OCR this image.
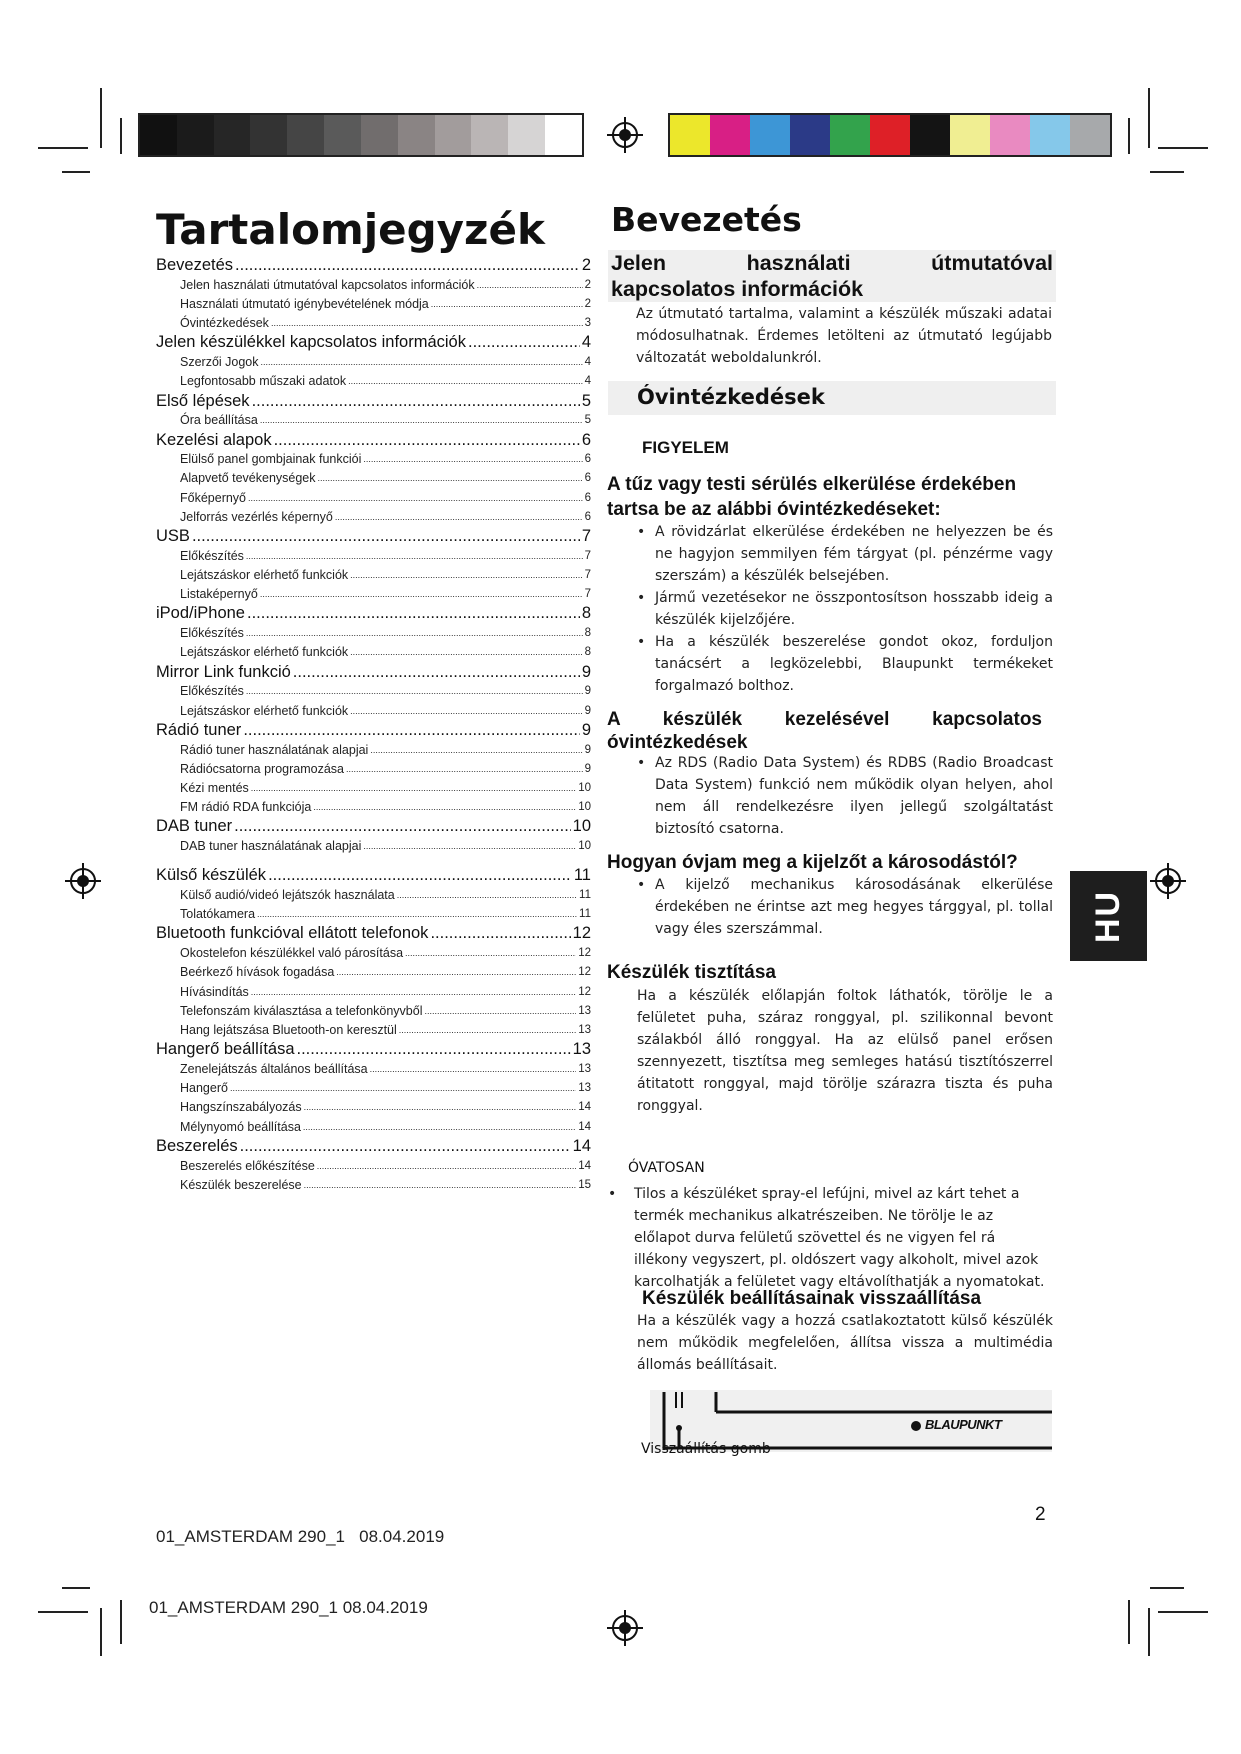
Tartalomjegyzék
Bevezetés .....	2
Jelen használati útmutatóval kapcsolatos információk .....	2
Használati útmutató igénybevételének módja .....	2
Óvintézkedések .....	3
Jelen készülékkel kapcsolatos információk .....	4
Szerzői Jogok .....	4
Legfontosabb műszaki adatok .....	4
Első lépések .....	5
Óra beállítása .....	5
Kezelési alapok .....	6
Elülső panel gombjainak funkciói .....	6
Alapvető tevékenységek .....	6
Főképernyő .....	6
Jelforrás vezérlés képernyő .....	6
USB .....	7
Előkészítés .....	7
Lejátszáskor elérhető funkciók .....	7
Listaképernyő .....	7
iPod/iPhone .....	8
Előkészítés .....	8
Lejátszáskor elérhető funkciók .....	8
Mirror Link funkció .....	9
Előkészítés .....	9
Lejátszáskor elérhető funkciók .....	9
Rádió tuner .....	9
Rádió tuner használatának alapjai .....	9
Rádiócsatorna programozása .....	9
Kézi mentés .....	10
FM rádió RDA funkciója .....	10
DAB tuner .....	10
DAB tuner használatának alapjai .....	10
Külső készülék .....	11
Külső audió/videó lejátszók használata .....	11
Tolatókamera .....	11
Bluetooth funkcióval ellátott telefonok .....	12
Okostelefon készülékkel való párosítása .....	12
Beérkező hívások fogadása .....	12
Hívásindítás .....	12
Telefonszám kiválasztása a telefonkönyvből .....	13
Hang lejátszása Bluetooth-on keresztül .....	13
Hangerő beállítása .....	13
Zenelejátszás általános beállítása .....	13
Hangerő .....	13
Hangszínszabályozás .....	14
Mélynyomó beállítása .....	14
Beszerelés .....	14
Beszerelés előkészítése .....	14
Készülék beszerelése .....	15
Bevezetés
Jelen	használati	útmutatóval
kapcsolatos információk
Az útmutató tartalma, valamint a készülék műszaki adatai módosulhatnak. Érdemes letölteni az útmutató legújabb változatát weboldalunkról.
Óvintézkedések
FIGYELEM
A tűz vagy testi sérülés elkerülése érdekében tartsa be az alábbi óvintézkedéseket:
• A rövidzárlat elkerülése érdekében ne helyezzen be és ne hagyjon semmilyen fém tárgyat (pl. pénzérme vagy szerszám) a készülék belsejében.
• Jármű vezetésekor ne összpontosítson hosszabb ideig a készülék kijelzőjére.
• Ha a készülék beszerelése gondot okoz, forduljon tanácsért a legközelebbi, Blaupunkt termékeket forgalmazó bolthoz.
A készülék kezelésével kapcsolatos óvintézkedések
• Az RDS (Radio Data System) és RDBS (Radio Broadcast Data System) funkció nem működik olyan helyen, ahol nem áll rendelkezésre ilyen jellegű szolgáltatást biztosító csatorna.
Hogyan óvjam meg a kijelzőt a károsodástól?
• A kijelző mechanikus károsodásának elkerülése érdekében ne érintse azt meg hegyes tárggyal, pl. tollal vagy éles szerszámmal.
Készülék tisztítása
Ha a készülék előlapján foltok láthatók, törölje le a felületet puha, száraz ronggyal, pl. szilikonnal bevont szálakból álló ronggyal. Ha az elülső panel erősen szennyezett, tisztítsa meg semleges hatású tisztítószerrel átitatott ronggyal, majd törölje szárazra tiszta és puha ronggyal.
ÓVATOSAN
• Tilos a készüléket spray-el lefújni, mivel az kárt tehet a termék mechanikus alkatrészeiben. Ne törölje le az előlapot durva felületű szövettel és ne vigyen fel rá illékony vegyszert, pl. oldószert vagy alkoholt, mivel azok karcolhatják a felületet vagy eltávolíthatják a nyomatokat.
Készülék beállításainak visszaállítása
Ha a készülék vagy a hozzá csatlakoztatott külső készülék nem működik megfelelően, állítsa vissza a multimédia állomás beállításait.
BLAUPUNKT
Visszaállítás gomb
HU
2
01_AMSTERDAM 290_1   08.04.2019
01_AMSTERDAM 290_1 08.04.2019
